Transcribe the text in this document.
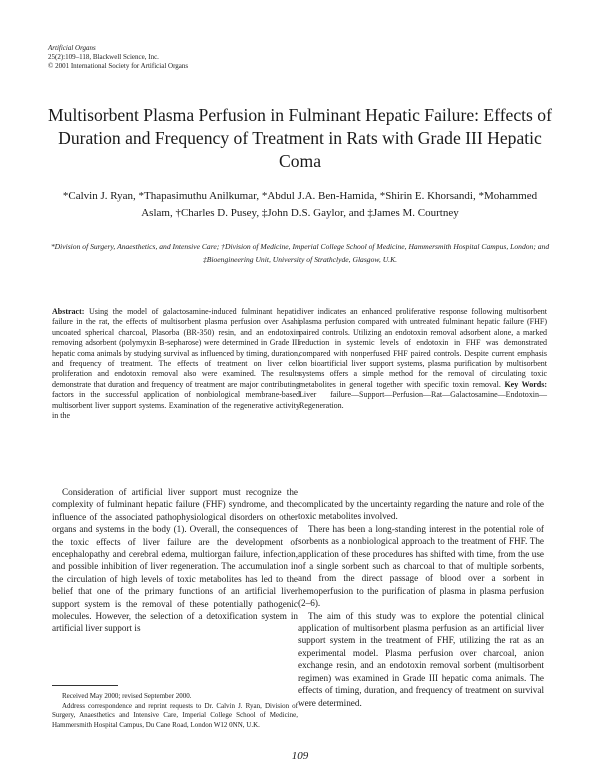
Artificial Organs
25(2):109–118, Blackwell Science, Inc.
© 2001 International Society for Artificial Organs
Multisorbent Plasma Perfusion in Fulminant Hepatic Failure: Effects of Duration and Frequency of Treatment in Rats with Grade III Hepatic Coma
*Calvin J. Ryan, *Thapasimuthu Anilkumar, *Abdul J.A. Ben-Hamida, *Shirin E. Khorsandi, *Mohammed Aslam, †Charles D. Pusey, ‡John D.S. Gaylor, and ‡James M. Courtney
*Division of Surgery, Anaesthetics, and Intensive Care; †Division of Medicine, Imperial College School of Medicine, Hammersmith Hospital Campus, London; and ‡Bioengineering Unit, University of Strathclyde, Glasgow, U.K.
Abstract: Using the model of galactosamine-induced fulminant hepatic failure in the rat, the effects of multisorbent plasma perfusion over Asahi uncoated spherical charcoal, Plasorba (BR-350) resin, and an endotoxin removing adsorbent (polymyxin B-sepharose) were determined in Grade III hepatic coma animals by studying survival as influenced by timing, duration, and frequency of treatment. The effects of treatment on liver cell proliferation and endotoxin removal also were examined. The results demonstrate that duration and frequency of treatment are major contributing factors in the successful application of nonbiological membrane-based multisorbent liver support systems. Examination of the regenerative activity in the
liver indicates an enhanced proliferative response following multisorbent plasma perfusion compared with untreated fulminant hepatic failure (FHF) paired controls. Utilizing an endotoxin removal adsorbent alone, a marked reduction in systemic levels of endotoxin in FHF was demonstrated compared with nonperfused FHF paired controls. Despite current emphasis on bioartificial liver support systems, plasma purification by multisorbent systems offers a simple method for the removal of circulating toxic metabolites in general together with specific toxin removal. Key Words: Liver failure—Support—Perfusion—Rat—Galactosamine—Endotoxin—Regeneration.

Consideration of artificial liver support must recognize the complexity of fulminant hepatic failure (FHF) syndrome, and the influence of the associated pathophysiological disorders on other organs and systems in the body (1). Overall, the consequences of the toxic effects of liver failure are the development of encephalopathy and cerebral edema, multiorgan failure, infection, and possible inhibition of liver regeneration. The accumulation in the circulation of high levels of toxic metabolites has led to the belief that one of the primary functions of an artificial liver support system is the removal of these potentially pathogenic molecules. However, the selection of a detoxification system in artificial liver support is

complicated by the uncertainty regarding the nature and role of the toxic metabolites involved.

There has been a long-standing interest in the potential role of sorbents as a nonbiological approach to the treatment of FHF. The application of these procedures has shifted with time, from the use of a single sorbent such as charcoal to that of multiple sorbents, and from the direct passage of blood over a sorbent in hemoperfusion to the purification of plasma in plasma perfusion (2–6).

The aim of this study was to explore the potential clinical application of multisorbent plasma perfusion as an artificial liver support system in the treatment of FHF, utilizing the rat as an experimental model. Plasma perfusion over charcoal, anion exchange resin, and an endotoxin removal sorbent (multisorbent regimen) was examined in Grade III hepatic coma animals. The effects of timing, duration, and frequency of treatment on survival were determined.

Received May 2000; revised September 2000.

Address correspondence and reprint requests to Dr. Calvin J. Ryan, Division of Surgery, Anaesthetics and Intensive Care, Imperial College School of Medicine, Hammersmith Hospital Campus, Du Cane Road, London W12 0NN, U.K.

109
